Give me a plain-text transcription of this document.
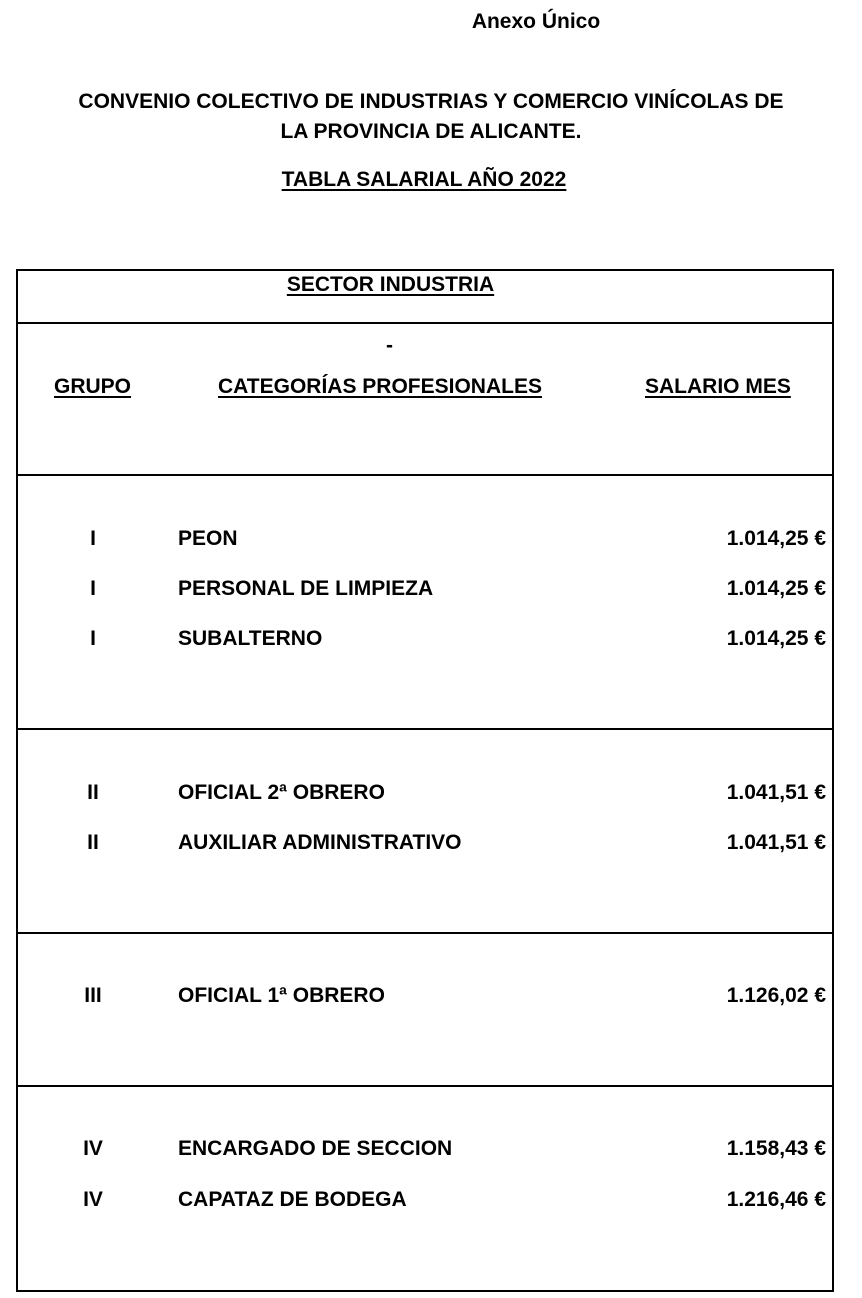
Anexo Único
CONVENIO COLECTIVO DE INDUSTRIAS Y COMERCIO VINÍCOLAS DE
LA PROVINCIA DE ALICANTE.
TABLA SALARIAL AÑO 2022
SECTOR INDUSTRIA
-
GRUPO	CATEGORÍAS PROFESIONALES	SALARIO MES
I	PEON	1.014,25 €
I	PERSONAL DE LIMPIEZA	1.014,25 €
I	SUBALTERNO	1.014,25 €
II	OFICIAL 2ª OBRERO	1.041,51 €
II	AUXILIAR ADMINISTRATIVO	1.041,51 €
III	OFICIAL 1ª OBRERO	1.126,02 €
IV	ENCARGADO DE SECCION	1.158,43 €
IV	CAPATAZ DE BODEGA	1.216,46 €
